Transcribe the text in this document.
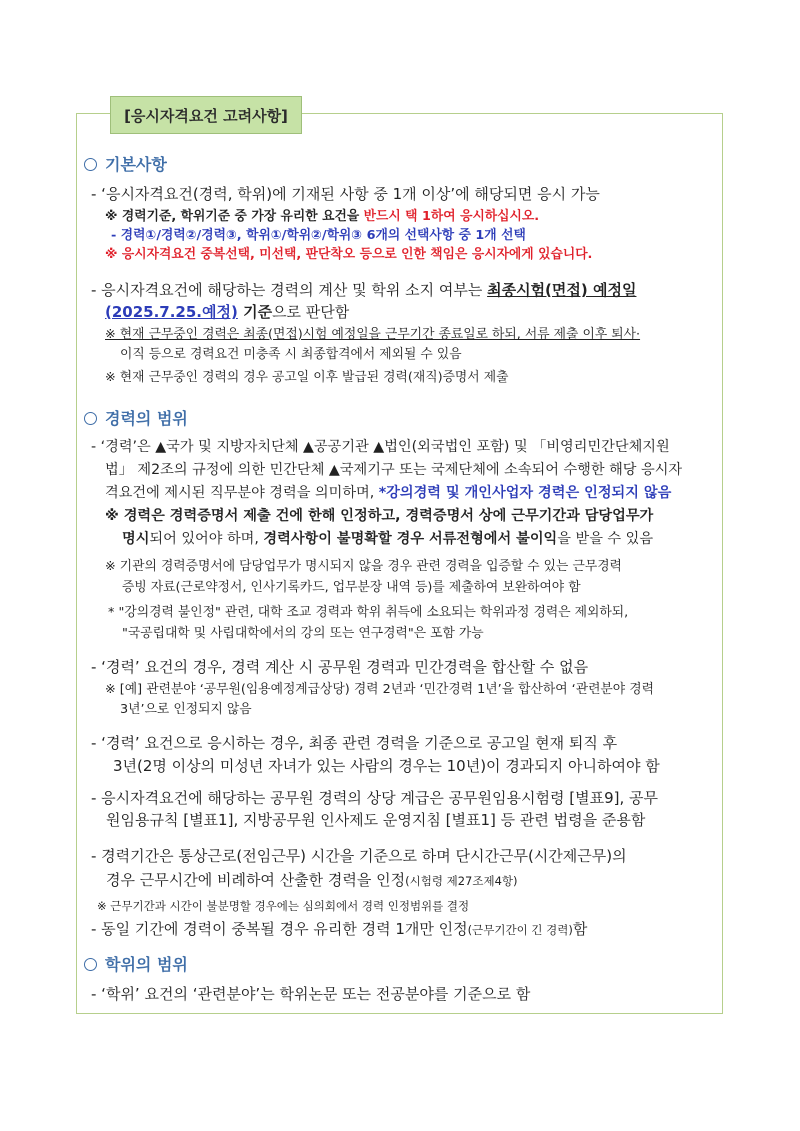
[응시자격요건 고려사항]
기본사항
- ‘응시자격요건(경력, 학위)에 기재된 사항 중 1개 이상’에 해당되면 응시 가능
※ 경력기준, 학위기준 중 가장 유리한 요건을 반드시 택 1하여 응시하십시오.
- 경력①/경력②/경력③, 학위①/학위②/학위③ 6개의 선택사항 중 1개 선택
※ 응시자격요건 중복선택, 미선택, 판단착오 등으로 인한 책임은 응시자에게 있습니다.
- 응시자격요건에 해당하는 경력의 계산 및 학위 소지 여부는 최종시험(면접) 예정일
(2025.7.25.예정) 기준으로 판단함
※ 현재 근무중인 경력은 최종(면접)시험 예정일을 근무기간 종료일로 하되, 서류 제출 이후 퇴사·
이직 등으로 경력요건 미충족 시 최종합격에서 제외될 수 있음
※ 현재 근무중인 경력의 경우 공고일 이후 발급된 경력(재직)증명서 제출
경력의 범위
- ‘경력’은 ▲국가 및 지방자치단체 ▲공공기관 ▲법인(외국법인 포함) 및 「비영리민간단체지원
법」 제2조의 규정에 의한 민간단체 ▲국제기구 또는 국제단체에 소속되어 수행한 해당 응시자
격요건에 제시된 직무분야 경력을 의미하며, *강의경력 및 개인사업자 경력은 인정되지 않음
※ 경력은 경력증명서 제출 건에 한해 인정하고, 경력증명서 상에 근무기간과 담당업무가
명시되어 있어야 하며, 경력사항이 불명확할 경우 서류전형에서 불이익을 받을 수 있음
※ 기관의 경력증명서에 담당업무가 명시되지 않을 경우 관련 경력을 입증할 수 있는 근무경력
증빙 자료(근로약정서, 인사기록카드, 업무분장 내역 등)를 제출하여 보완하여야 함
* "강의경력 불인정" 관련, 대학 조교 경력과 학위 취득에 소요되는 학위과정 경력은 제외하되,
"국공립대학 및 사립대학에서의 강의 또는 연구경력"은 포함 가능
- ‘경력’ 요건의 경우, 경력 계산 시 공무원 경력과 민간경력을 합산할 수 없음
※ [예] 관련분야 ‘공무원(임용예정계급상당) 경력 2년과 ‘민간경력 1년’을 합산하여 ‘관련분야 경력
3년’으로 인정되지 않음
- ‘경력’ 요건으로 응시하는 경우, 최종 관련 경력을 기준으로 공고일 현재 퇴직 후
3년(2명 이상의 미성년 자녀가 있는 사람의 경우는 10년)이 경과되지 아니하여야 함
- 응시자격요건에 해당하는 공무원 경력의 상당 계급은 공무원임용시험령 [별표9], 공무
원임용규칙 [별표1], 지방공무원 인사제도 운영지침 [별표1] 등 관련 법령을 준용함
- 경력기간은 통상근로(전임근무) 시간을 기준으로 하며 단시간근무(시간제근무)의
경우 근무시간에 비례하여 산출한 경력을 인정(시험령 제27조제4항)
※ 근무기간과 시간이 불분명할 경우에는 심의회에서 경력 인정범위를 결정
- 동일 기간에 경력이 중복될 경우 유리한 경력 1개만 인정(근무기간이 긴 경력)함
학위의 범위
- ‘학위’ 요건의 ‘관련분야’는 학위논문 또는 전공분야를 기준으로 함
